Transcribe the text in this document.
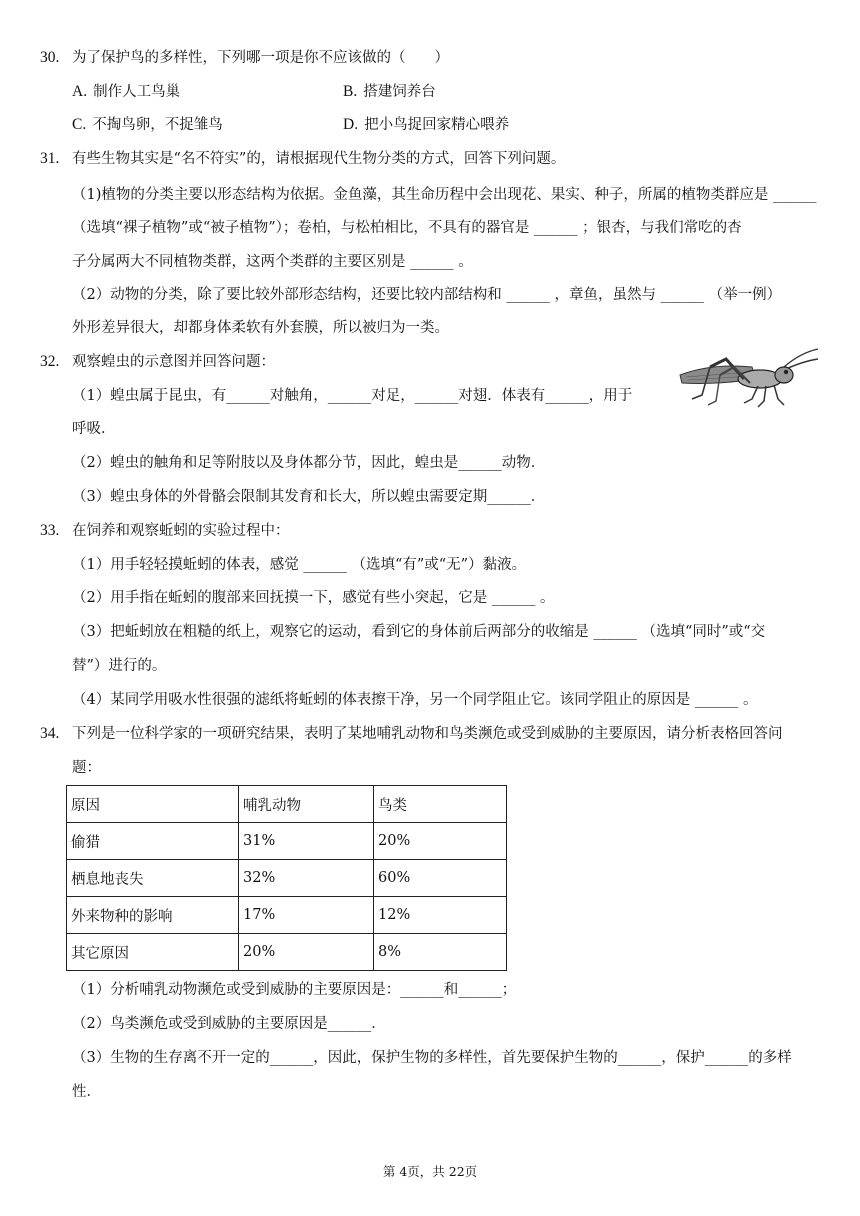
30. 为了保护鸟的多样性，下列哪一项是你不应该做的（　　）
A. 制作人工鸟巢	B. 搭建饲养台
C. 不掏鸟卵，不捉雏鸟	D. 把小鸟捉回家精心喂养
31. 有些生物其实是“名不符实”的，请根据现代生物分类的方式，回答下列问题。
（1)植物的分类主要以形态结构为依据。金鱼藻，其生命历程中会出现花、果实、种子，所属的植物类群应是 ______
（选填“裸子植物”或“被子植物”）；卷柏，与松柏相比，不具有的器官是 ______ ；银杏，与我们常吃的杏
子分属两大不同植物类群，这两个类群的主要区别是 ______ 。
（2）动物的分类，除了要比较外部形态结构，还要比较内部结构和 ______ ，章鱼，虽然与 ______ （举一例）
外形差异很大，却都身体柔软有外套膜，所以被归为一类。
32. 观察蝗虫的示意图并回答问题：
（1）蝗虫属于昆虫，有______对触角，______对足，______对翅．体表有______，用于
呼吸．
（2）蝗虫的触角和足等附肢以及身体都分节，因此，蝗虫是______动物．
（3）蝗虫身体的外骨骼会限制其发育和长大，所以蝗虫需要定期______．
33. 在饲养和观察蚯蚓的实验过程中：
（1）用手轻轻摸蚯蚓的体表，感觉 ______ （选填“有”或“无”）黏液。
（2）用手指在蚯蚓的腹部来回抚摸一下，感觉有些小突起，它是 ______ 。
（3）把蚯蚓放在粗糙的纸上，观察它的运动，看到它的身体前后两部分的收缩是 ______ （选填“同时”或“交
替”）进行的。
（4）某同学用吸水性很强的滤纸将蚯蚓的体表擦干净，另一个同学阻止它。该同学阻止的原因是 ______ 。
34. 下列是一位科学家的一项研究结果，表明了某地哺乳动物和鸟类濒危或受到威胁的主要原因，请分析表格回答问
题：
原因	哺乳动物	鸟类
偷猎	31%	20%
栖息地丧失	32%	60%
外来物种的影响	17%	12%
其它原因	20%	8%
（1）分析哺乳动物濒危或受到威胁的主要原因是：______和______；
（2）鸟类濒危或受到威胁的主要原因是______．
（3）生物的生存离不开一定的______，因此，保护生物的多样性，首先要保护生物的______，保护______的多样
性．
第 4页，共 22页
